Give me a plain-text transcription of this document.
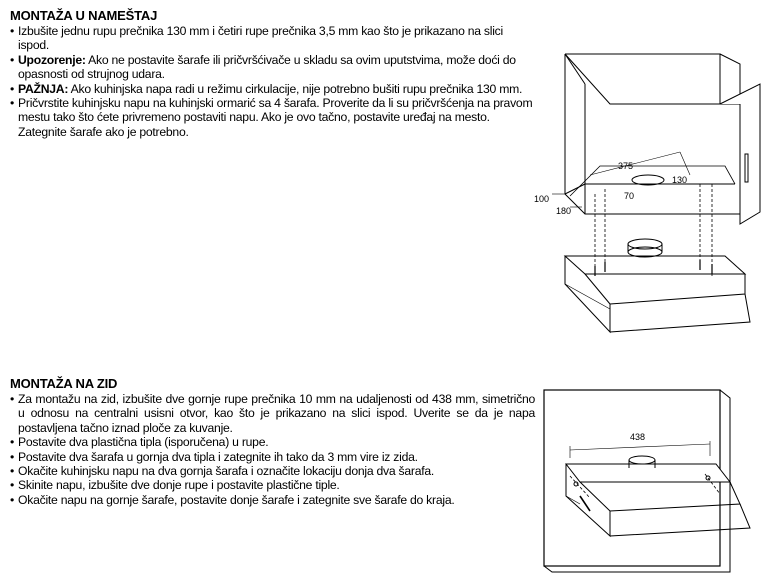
MONTAŽA U NAMEŠTAJ
• Izbušite jednu rupu prečnika 130 mm i četiri rupe prečnika 3,5 mm kao što je prikazano na slici ispod.
• Upozorenje: Ako ne postavite šarafe ili pričvršćivače u skladu sa ovim uputstvima, može doći do opasnosti od strujnog udara.
• PAŽNJA: Ako kuhinjska napa radi u režimu cirkulacije, nije potrebno bušiti rupu prečnika 130 mm.
• Pričvrstite kuhinjsku napu na kuhinjski ormarić sa 4 šarafa. Proverite da li su pričvršćenja na pravom mestu tako što ćete privremeno postaviti napu. Ako je ovo tačno, postavite uređaj na mesto. Zategnite šarafe ako je potrebno.
MONTAŽA NA ZID
• Za montažu na zid, izbušite dve gornje rupe prečnika 10 mm na udaljenosti od 438 mm, simetrično u odnosu na centralni usisni otvor, kao što je prikazano na slici ispod. Uverite se da je napa postavljena tačno iznad ploče za kuvanje.
• Postavite dva plastična tipla (isporučena) u rupe.
• Postavite dva šarafa u gornja dva tipla i zategnite ih tako da 3 mm vire iz zida.
• Okačite kuhinjsku napu na dva gornja šarafa i označite lokaciju donja dva šarafa.
• Skinite napu, izbušite dve donje rupe i postavite plastične tiple.
• Okačite napu na gornje šarafe, postavite donje šarafe i zategnite sve šarafe do kraja.
375
130
70
100
180
438
